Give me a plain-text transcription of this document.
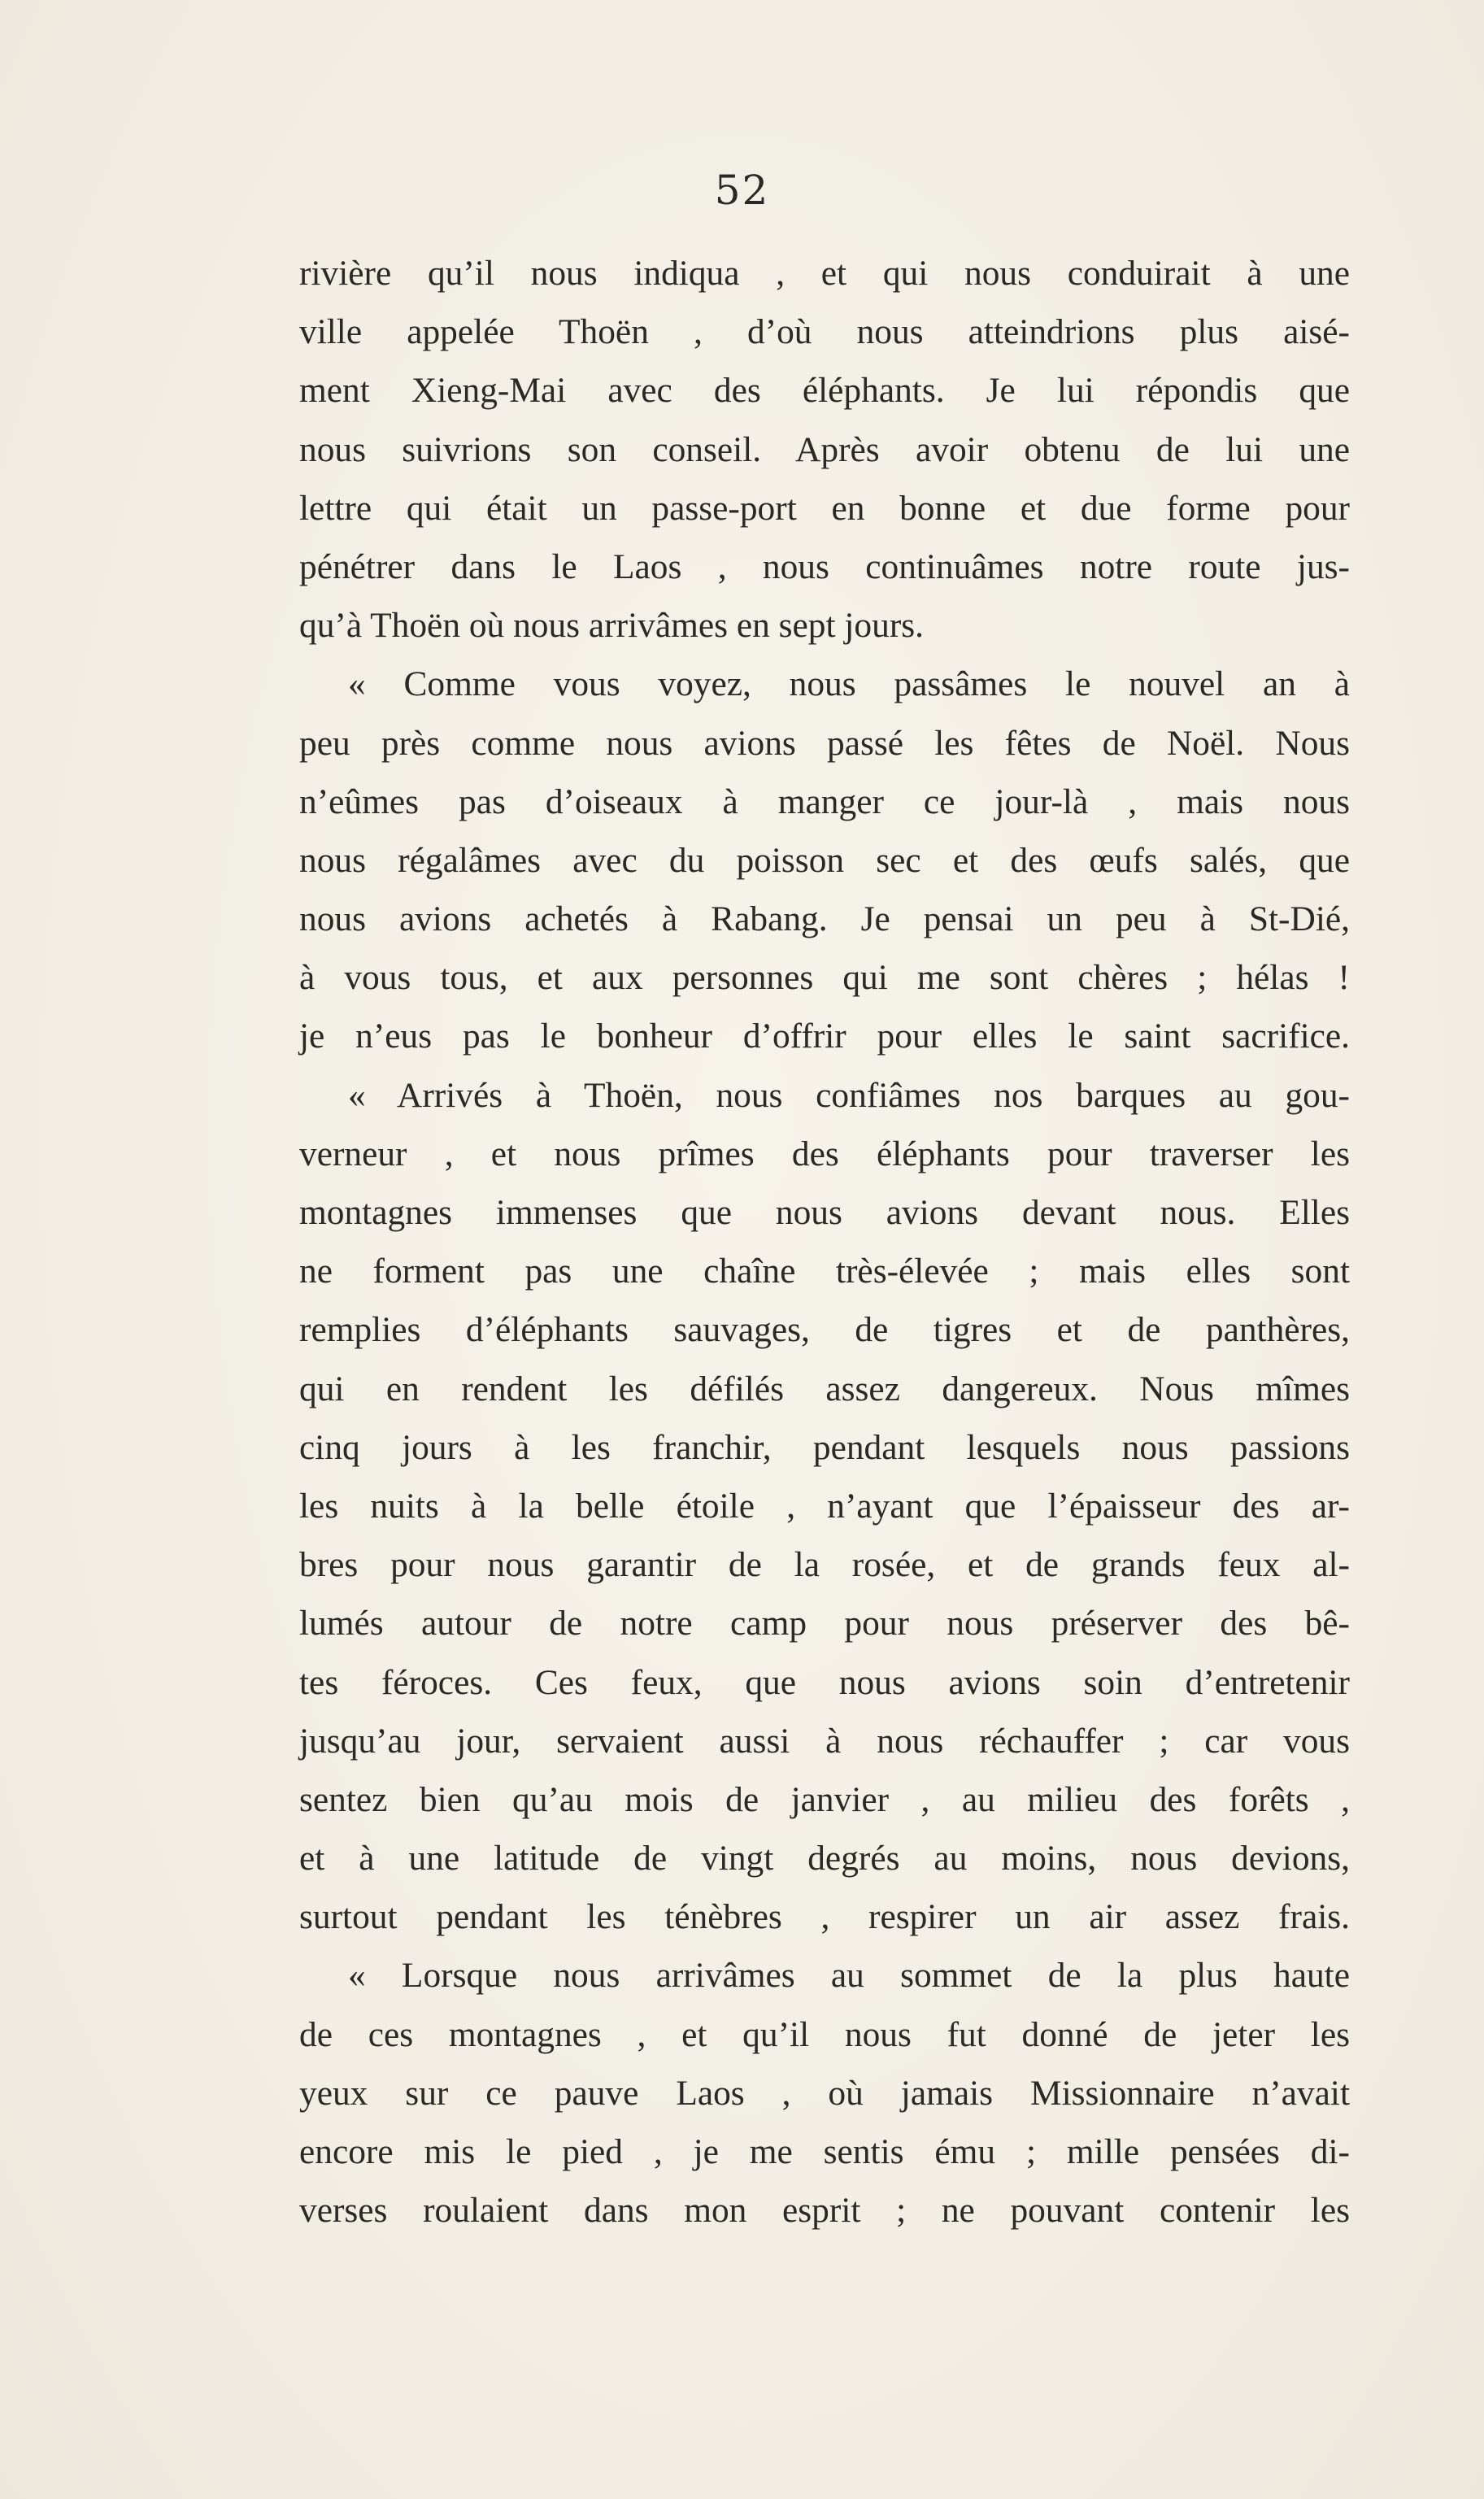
52
rivière qu’il nous indiqua , et qui nous conduirait à une
ville appelée Thoën , d’où nous atteindrions plus aisé-
ment Xieng-Mai avec des éléphants. Je lui répondis que
nous suivrions son conseil. Après avoir obtenu de lui une
lettre qui était un passe-port en bonne et due forme pour
pénétrer dans le Laos , nous continuâmes notre route jus-
qu’à Thoën où nous arrivâmes en sept jours.
« Comme vous voyez, nous passâmes le nouvel an à
peu près comme nous avions passé les fêtes de Noël. Nous
n’eûmes pas d’oiseaux à manger ce jour-là , mais nous
nous régalâmes avec du poisson sec et des œufs salés, que
nous avions achetés à Rabang. Je pensai un peu à St-Dié,
à vous tous, et aux personnes qui me sont chères ; hélas !
je n’eus pas le bonheur d’offrir pour elles le saint sacrifice.
« Arrivés à Thoën, nous confiâmes nos barques au gou-
verneur , et nous prîmes des éléphants pour traverser les
montagnes immenses que nous avions devant nous. Elles
ne forment pas une chaîne très-élevée ; mais elles sont
remplies d’éléphants sauvages, de tigres et de panthères,
qui en rendent les défilés assez dangereux. Nous mîmes
cinq jours à les franchir, pendant lesquels nous passions
les nuits à la belle étoile , n’ayant que l’épaisseur des ar-
bres pour nous garantir de la rosée, et de grands feux al-
lumés autour de notre camp pour nous préserver des bê-
tes féroces. Ces feux, que nous avions soin d’entretenir
jusqu’au jour, servaient aussi à nous réchauffer ; car vous
sentez bien qu’au mois de janvier , au milieu des forêts ,
et à une latitude de vingt degrés au moins, nous devions,
surtout pendant les ténèbres , respirer un air assez frais.
« Lorsque nous arrivâmes au sommet de la plus haute
de ces montagnes , et qu’il nous fut donné de jeter les
yeux sur ce pauve Laos , où jamais Missionnaire n’avait
encore mis le pied , je me sentis ému ; mille pensées di-
verses roulaient dans mon esprit ; ne pouvant contenir les
